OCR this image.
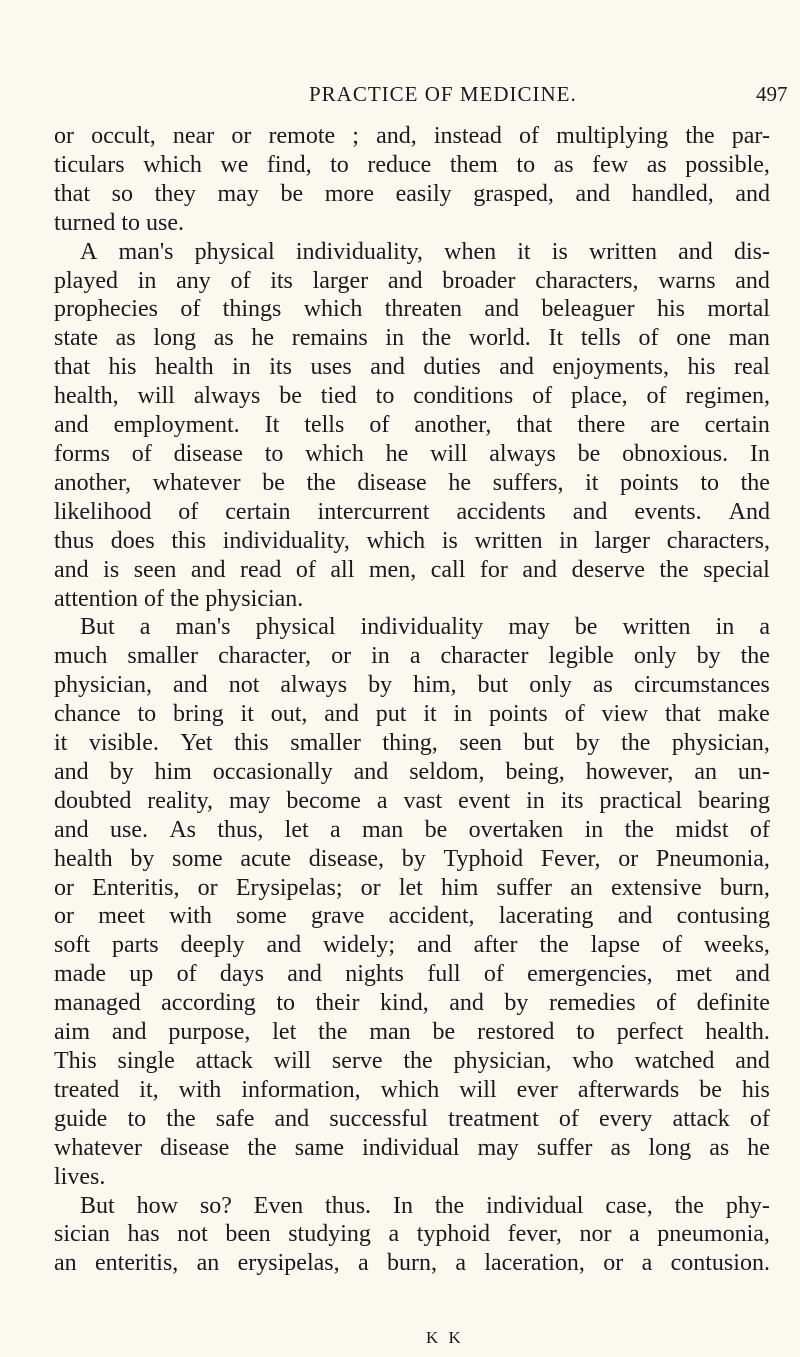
PRACTICE OF MEDICINE.	497
or occult, near or remote ; and, instead of multiplying the par-
ticulars which we find, to reduce them to as few as possible,
that so they may be more easily grasped, and handled, and
turned to use.
A man's physical individuality, when it is written and dis-
played in any of its larger and broader characters, warns and
prophecies of things which threaten and beleaguer his mortal
state as long as he remains in the world. It tells of one man
that his health in its uses and duties and enjoyments, his real
health, will always be tied to conditions of place, of regimen,
and employment. It tells of another, that there are certain
forms of disease to which he will always be obnoxious. In
another, whatever be the disease he suffers, it points to the
likelihood of certain intercurrent accidents and events. And
thus does this individuality, which is written in larger characters,
and is seen and read of all men, call for and deserve the special
attention of the physician.
But a man's physical individuality may be written in a
much smaller character, or in a character legible only by the
physician, and not always by him, but only as circumstances
chance to bring it out, and put it in points of view that make
it visible. Yet this smaller thing, seen but by the physician,
and by him occasionally and seldom, being, however, an un-
doubted reality, may become a vast event in its practical bearing
and use. As thus, let a man be overtaken in the midst of
health by some acute disease, by Typhoid Fever, or Pneumonia,
or Enteritis, or Erysipelas; or let him suffer an extensive burn,
or meet with some grave accident, lacerating and contusing
soft parts deeply and widely; and after the lapse of weeks,
made up of days and nights full of emergencies, met and
managed according to their kind, and by remedies of definite
aim and purpose, let the man be restored to perfect health.
This single attack will serve the physician, who watched and
treated it, with information, which will ever afterwards be his
guide to the safe and successful treatment of every attack of
whatever disease the same individual may suffer as long as he
lives.
But how so? Even thus. In the individual case, the phy-
sician has not been studying a typhoid fever, nor a pneumonia,
an enteritis, an erysipelas, a burn, a laceration, or a contusion.
K K
